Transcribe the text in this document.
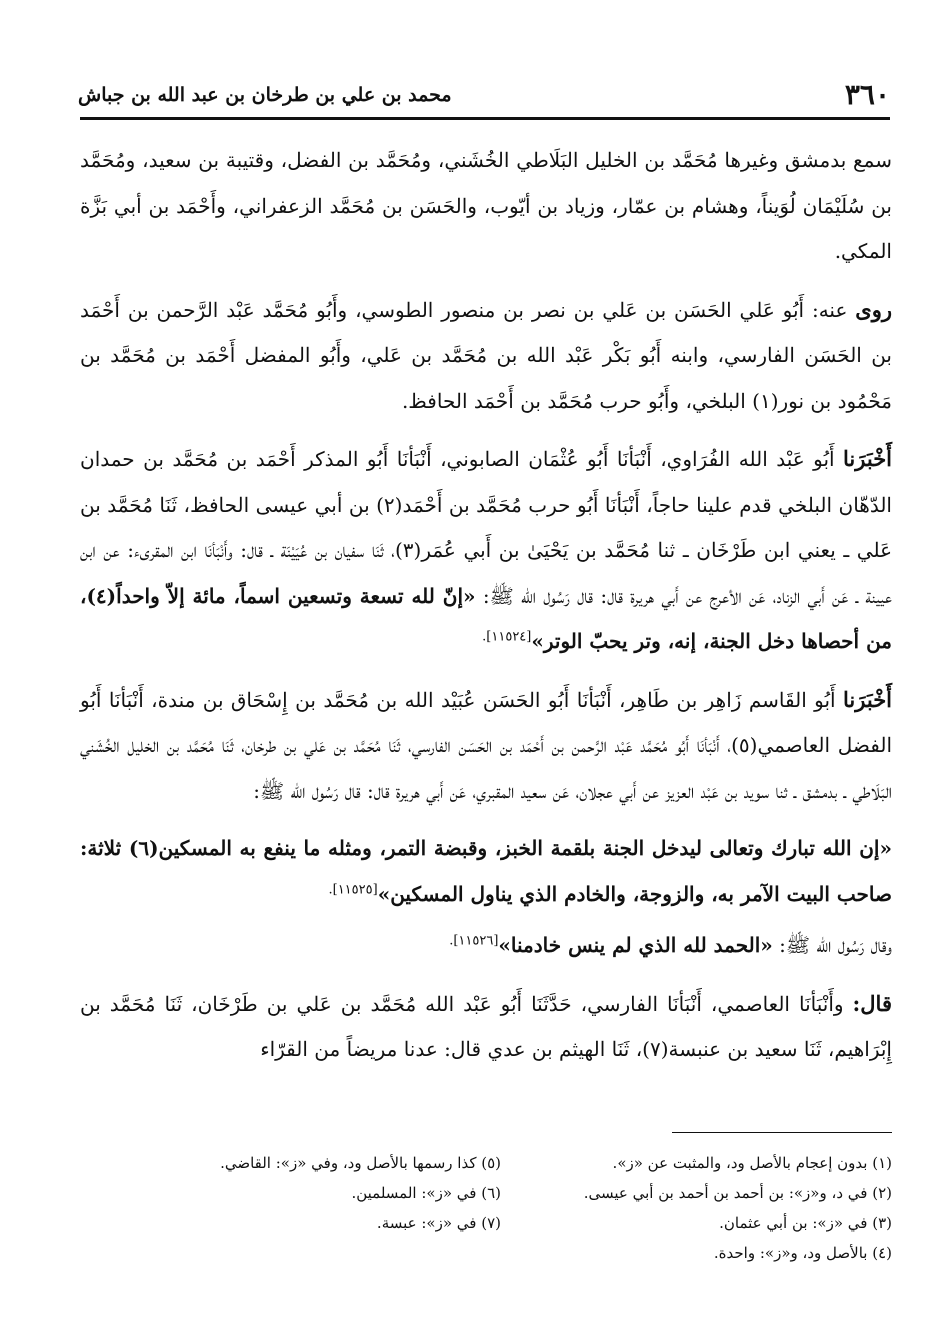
٣٦٠
محمد بن علي بن طرخان بن عبد الله بن جباش

سمع بدمشق وغيرها مُحَمَّد بن الخليل البَلَاطي الخُشَني، ومُحَمَّد بن الفضل، وقتيبة بن سعيد، ومُحَمَّد بن سُلَيْمَان لُوَيناً، وهشام بن عمّار، وزياد بن أيّوب، والحَسَن بن مُحَمَّد الزعفراني، وأَحْمَد بن أبي بَزَّة المكي.

روى عنه: أَبُو عَلي الحَسَن بن عَلي بن نصر بن منصور الطوسي، وأَبُو مُحَمَّد عَبْد الرَّحمن بن أَحْمَد بن الحَسَن الفارسي، وابنه أَبُو بَكْر عَبْد الله بن مُحَمَّد بن عَلي، وأَبُو المفضل أَحْمَد بن مُحَمَّد بن مَحْمُود بن نور(١) البلخي، وأَبُو حرب مُحَمَّد بن أَحْمَد الحافظ.

أَخْبَرَنا أَبُو عَبْد الله الفُرَاوي، أَنْبَأنَا أَبُو عُثْمَان الصابوني، أَنْبَأنَا أَبُو المذكر أَحْمَد بن مُحَمَّد بن حمدان الدّهّان البلخي قدم علينا حاجاً، أَنْبَأنَا أَبُو حرب مُحَمَّد بن أَحْمَد(٢) بن أبي عيسى الحافظ، ثَنَا مُحَمَّد بن عَلي ـ يعني ابن طَرْخَان ـ ثنا مُحَمَّد بن يَحْيَىٰ بن أَبي عُمَر(٣)، ثَنَا سفيان بن عُيَيْنَة ـ قال: وأَنْبَأنَا ابن المقرىء: عن ابن عيينة ـ عَن أَبي الزناد، عَن الأعرج عن أَبي هريرة قال: قال رَسُول الله ﷺ: «إنّ لله تسعة وتسعين اسماً، مائة إلاّ واحداً(٤)، من أحصاها دخل الجنة، إنه، وتر يحبّ الوتر»$^{[١١٥٢٤].}$

أَخْبَرَنا أَبُو القَاسم زَاهِر بن طَاهِر، أَنْبَأنَا أَبُو الحَسَن عُبَيْد الله بن مُحَمَّد بن إِسْحَاق بن مندة، أَنْبَأنَا أَبُو الفضل العاصمي(٥)، أَنْبَأنَا أَبُو مُحَمَّد عَبْد الرَّحمن بن أَحْمَد بن الحَسَن الفارسي، ثَنَا مُحَمَّد بن عَلي بن طرخان، ثَنَا مُحَمَّد بن الخليل الخُشَني البَلَاطي ـ بدمشق ـ ثنا سويد بن عَبْد العزيز عن أَبي عجلان، عَن سعيد المقبري، عَن أَبي هريرة قال: قال رَسُول الله ﷺ:

«إن الله تبارك وتعالى ليدخل الجنة بلقمة الخبز، وقبضة التمر، ومثله ما ينفع به المسكين(٦) ثلاثة: صاحب البيت الآمر به، والزوجة، والخادم الذي يناول المسكين»$^{[١١٥٢٥].}$

وقال رَسُول الله ﷺ: «الحمد لله الذي لم ينس خادمنا»$^{[١١٥٢٦].}$

قال: وأَنْبَأنَا العاصمي، أَنْبَأنَا الفارسي، حَدَّثَنَا أَبُو عَبْد الله مُحَمَّد بن عَلي بن طَرْخَان، ثَنَا مُحَمَّد بن إِبْرَاهيم، ثَنَا سعيد بن عنبسة(٧)، ثَنَا الهيثم بن عدي قال: عدنا مريضاً من القرّاء

(١) بدون إعجام بالأصل ود، والمثبت عن «ز».
(٢) في د، و«ز»: بن أحمد بن أحمد بن أبي عيسى.
(٣) في «ز»: بن أبي عثمان.
(٤) بالأصل ود، و«ز»: واحدة.
(٥) كذا رسمها بالأصل ود، وفي «ز»: القاضي.
(٦) في «ز»: المسلمين.
(٧) في «ز»: عبسة.
